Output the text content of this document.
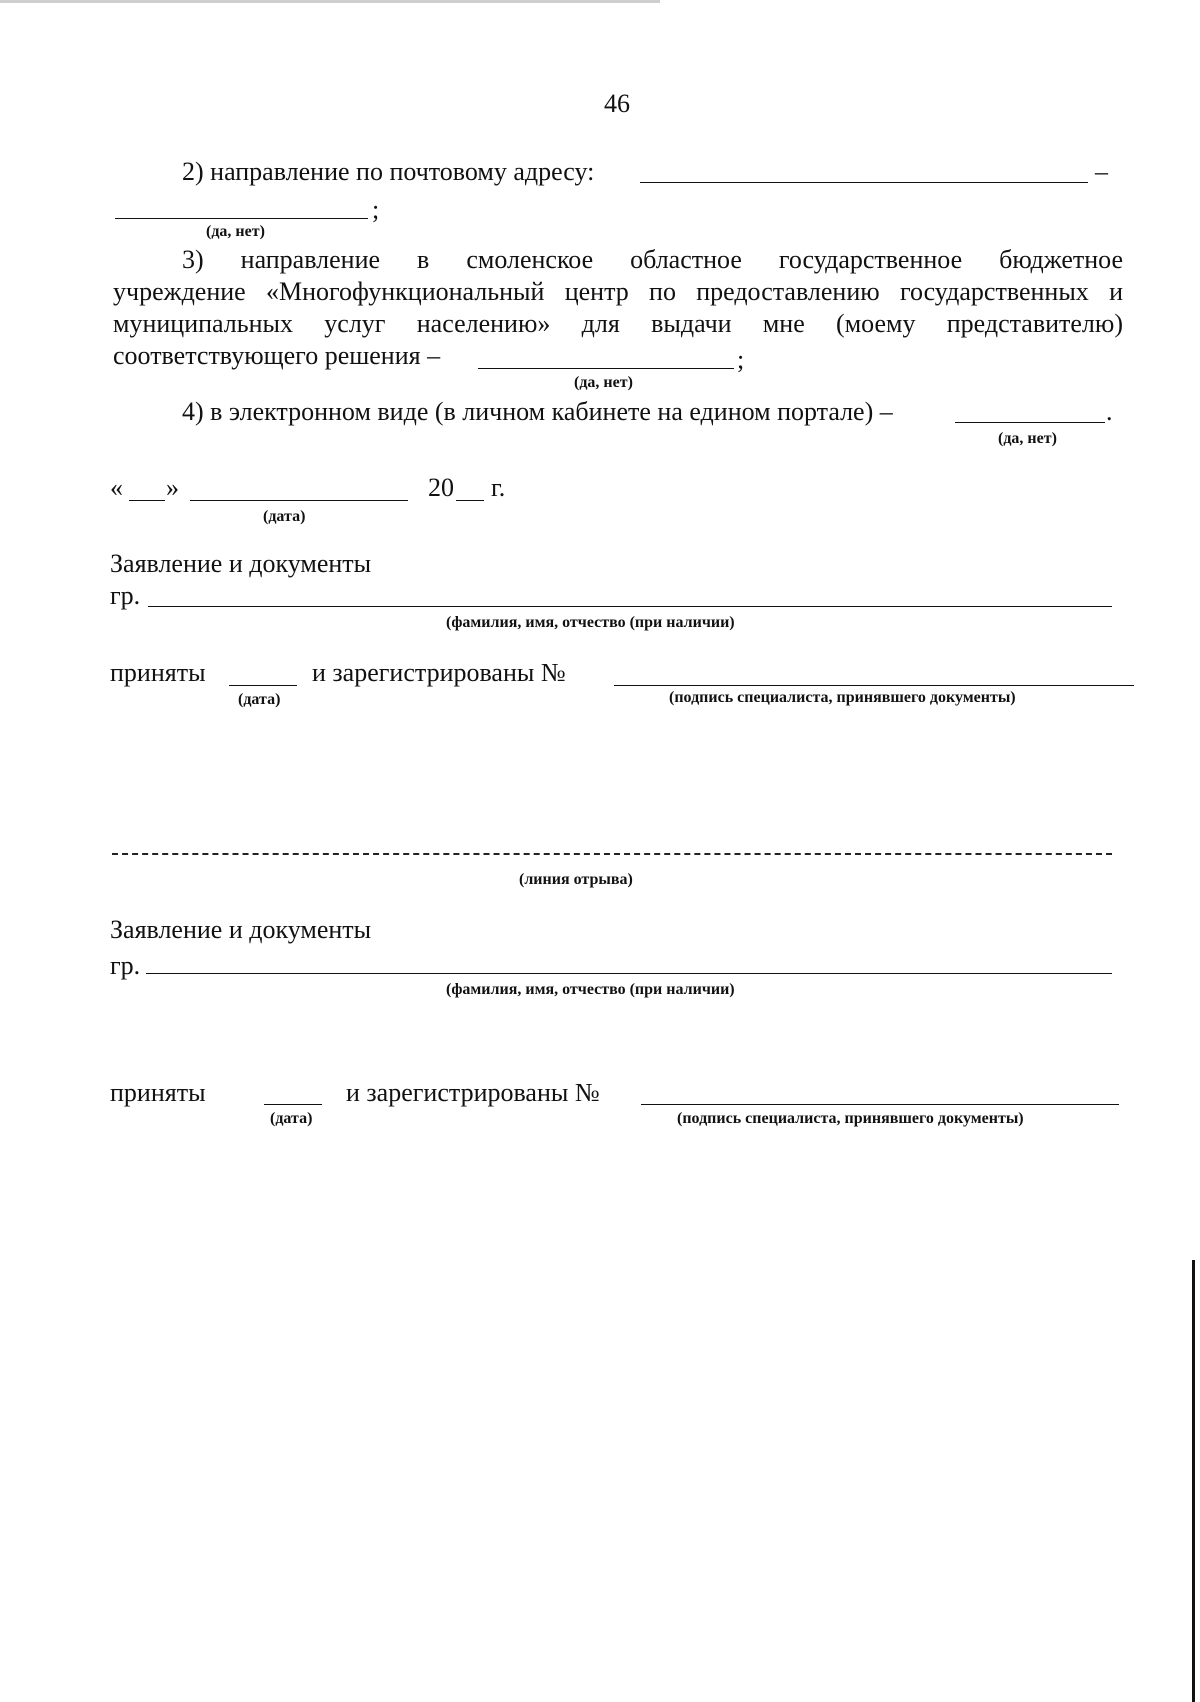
46
2) направление по почтовому адресу:	–
;
(да, нет)
3) направление в смоленское областное государственное бюджетное
учреждение «Многофункциональный центр по предоставлению государственных и
муниципальных услуг населению» для выдачи мне (моему представителю)
соответствующего решения –	;
(да, нет)
4) в электронном виде (в личном кабинете на едином портале) –	.
(да, нет)
« »	20 г.
(дата)
Заявление и документы
гр.
(фамилия, имя, отчество (при наличии)
приняты	и зарегистрированы №
(дата)	(подпись специалиста, принявшего документы)
(линия отрыва)
Заявление и документы
гр.
(фамилия, имя, отчество (при наличии)
приняты	и зарегистрированы №
(дата)	(подпись специалиста, принявшего документы)
